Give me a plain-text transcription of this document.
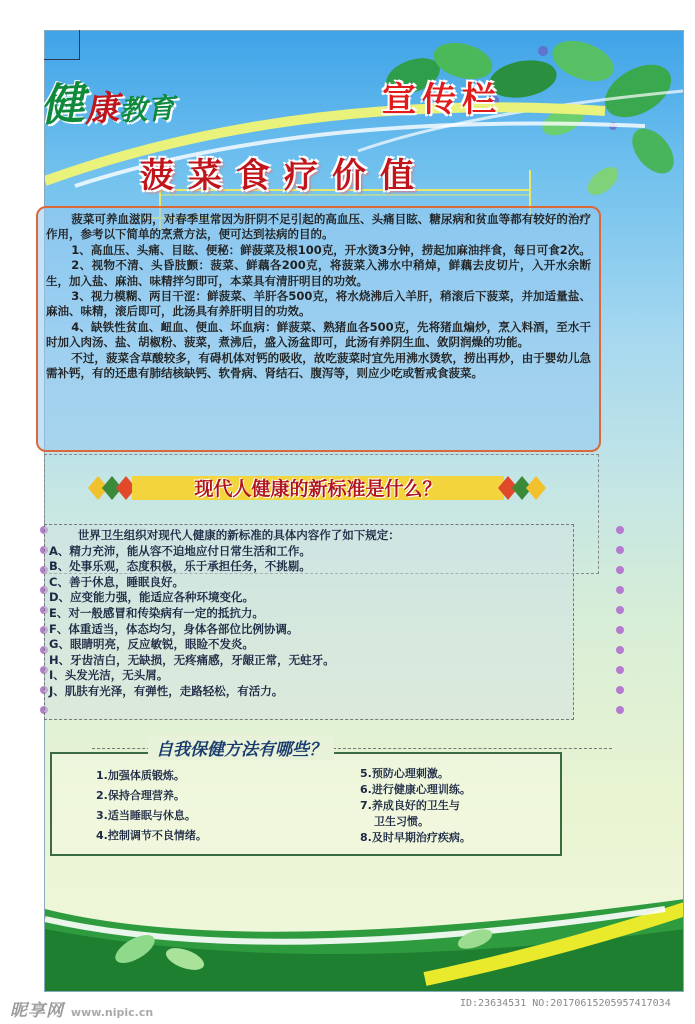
健
康
教育	宣传栏
菠菜食疗价值

菠菜可养血滋阴，对春季里常因为肝阴不足引起的高血压、头痛目眩、糖尿病和贫血等都有较好的治疗作用，参考以下简单的烹煮方法，便可达到祛病的目的。

1、高血压、头痛、目眩、便秘：鲜菠菜及根100克，开水烫3分钟，捞起加麻油拌食，每日可食2次。

2、视物不清、头昏肢颤：菠菜、鲜藕各200克，将菠菜入沸水中稍焯，鲜藕去皮切片，入开水余断生，加入盐、麻油、味精拌匀即可，本菜具有清肝明目的功效。

3、视力模糊、两目干涩：鲜菠菜、羊肝各500克，将水烧沸后入羊肝，稍滚后下菠菜，并加适量盐、麻油、味精，滚后即可，此汤具有养肝明目的功效。

4、缺铁性贫血、衄血、便血、坏血病：鲜菠菜、熟猪血各500克，先将猪血煸炒，烹入料酒，至水干时加入肉汤、盐、胡椒粉、菠菜，煮沸后，盛入汤盆即可，此汤有养阴生血、敛阴润燥的功能。

不过，菠菜含草酸较多，有碍机体对钙的吸收，故吃菠菜时宜先用沸水烫软，捞出再炒，由于婴幼儿急需补钙，有的还患有肺结核缺钙、软骨病、肾结石、腹泻等，则应少吃或暂戒食菠菜。

现代人健康的新标准是什么？
世界卫生组织对现代人健康的新标准的具体内容作了如下规定：
A、精力充沛，能从容不迫地应付日常生活和工作。
B、处事乐观，态度积极，乐于承担任务，不挑剔。
C、善于休息，睡眠良好。
D、应变能力强，能适应各种环境变化。
E、对一般感冒和传染病有一定的抵抗力。
F、体重适当，体态均匀，身体各部位比例协调。
G、眼睛明亮，反应敏锐，眼睑不发炎。
H、牙齿洁白，无缺损，无疼痛感，牙龈正常，无蛀牙。
I、头发光洁，无头屑。
J、肌肤有光泽，有弹性，走路轻松，有活力。
自我保健方法有哪些？
1.加强体质锻炼。
2.保持合理营养。
3.适当睡眠与休息。
4.控制调节不良情绪。
5.预防心理刺激。
6.进行健康心理训练。
7.养成良好的卫生与
卫生习惯。
8.及时早期治疗疾病。
昵享网 www.nipic.cn
ID:23634531 NO:20170615205957417034
